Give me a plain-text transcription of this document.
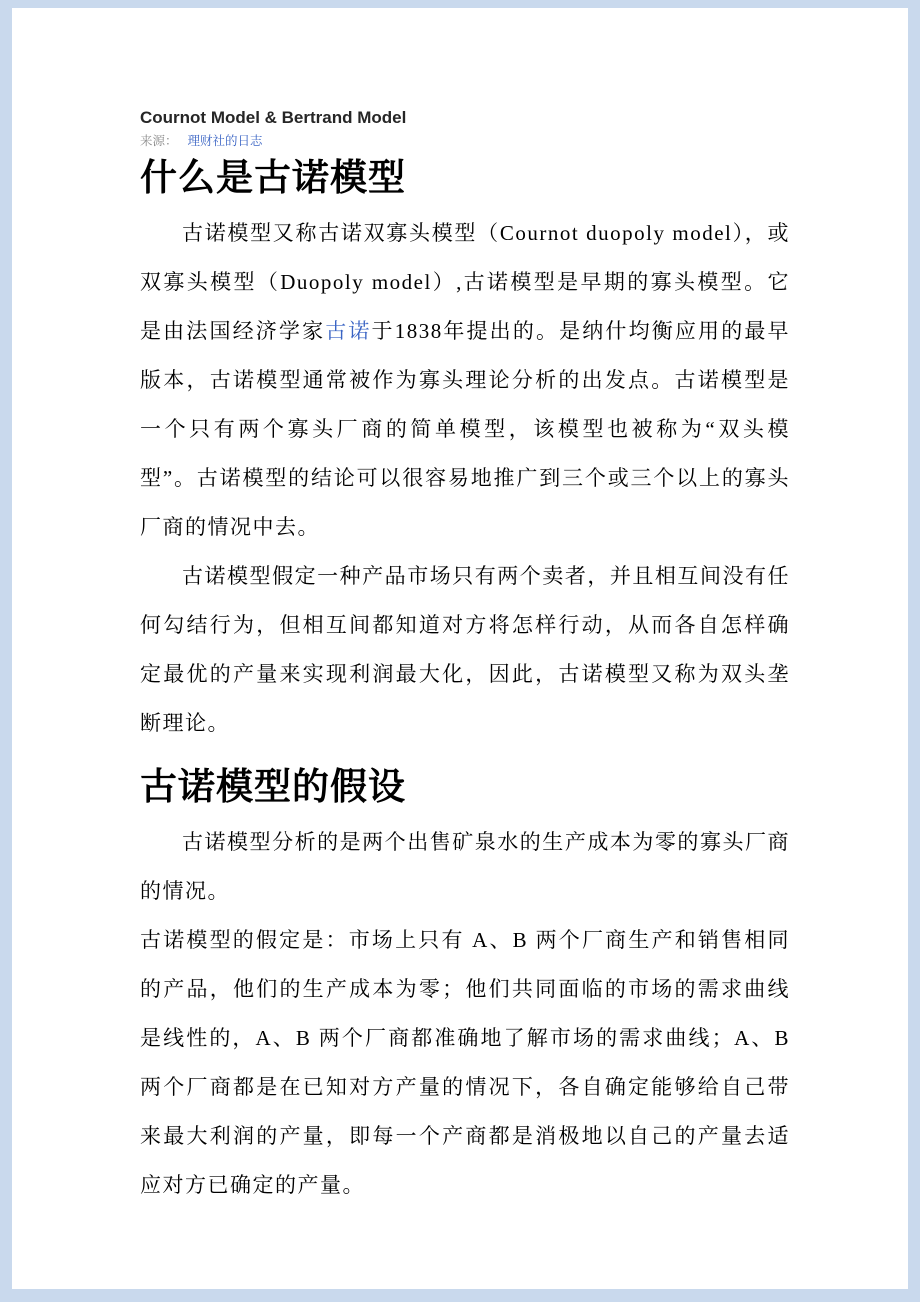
Cournot Model & Bertrand Model
来源： 理财社的日志
什么是古诺模型

古诺模型又称古诺双寡头模型（Cournot duopoly model），或双寡头模型（Duopoly model）,古诺模型是早期的寡头模型。它是由法国经济学家古诺于1838年提出的。是纳什均衡应用的最早版本，古诺模型通常被作为寡头理论分析的出发点。古诺模型是一个只有两个寡头厂商的简单模型，该模型也被称为“双头模型”。古诺模型的结论可以很容易地推广到三个或三个以上的寡头厂商的情况中去。

古诺模型假定一种产品市场只有两个卖者，并且相互间没有任何勾结行为，但相互间都知道对方将怎样行动，从而各自怎样确定最优的产量来实现利润最大化，因此，古诺模型又称为双头垄断理论。

古诺模型的假设

古诺模型分析的是两个出售矿泉水的生产成本为零的寡头厂商的情况。

古诺模型的假定是：市场上只有 A、B 两个厂商生产和销售相同的产品，他们的生产成本为零；他们共同面临的市场的需求曲线是线性的，A、B 两个厂商都准确地了解市场的需求曲线；A、B 两个厂商都是在已知对方产量的情况下，各自确定能够给自己带来最大利润的产量，即每一个产商都是消极地以自己的产量去适应对方已确定的产量。
